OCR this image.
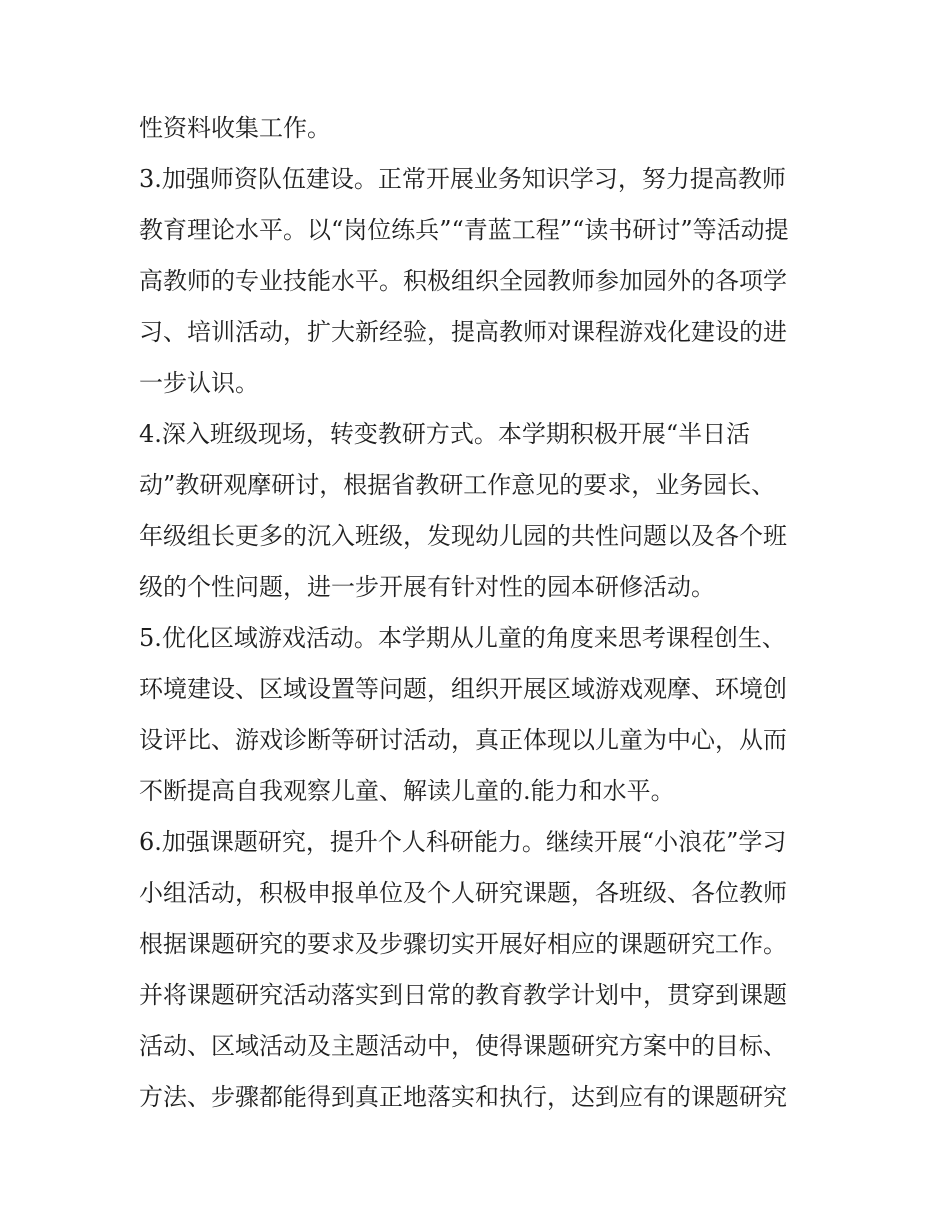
性资料收集工作。

3.加强师资队伍建设。正常开展业务知识学习，努力提高教师

教育理论水平。以“岗位练兵”“青蓝工程”“读书研讨”等活动提

高教师的专业技能水平。积极组织全园教师参加园外的各项学

习、培训活动，扩大新经验，提高教师对课程游戏化建设的进

一步认识。

4.深入班级现场，转变教研方式。本学期积极开展“半日活

动”教研观摩研讨，根据省教研工作意见的要求，业务园长、

年级组长更多的沉入班级，发现幼儿园的共性问题以及各个班

级的个性问题，进一步开展有针对性的园本研修活动。

5.优化区域游戏活动。本学期从儿童的角度来思考课程创生、

环境建设、区域设置等问题，组织开展区域游戏观摩、环境创

设评比、游戏诊断等研讨活动，真正体现以儿童为中心，从而

不断提高自我观察儿童、解读儿童的.能力和水平。

6.加强课题研究，提升个人科研能力。继续开展“小浪花”学习

小组活动，积极申报单位及个人研究课题，各班级、各位教师

根据课题研究的要求及步骤切实开展好相应的课题研究工作。

并将课题研究活动落实到日常的教育教学计划中，贯穿到课题

活动、区域活动及主题活动中，使得课题研究方案中的目标、

方法、步骤都能得到真正地落实和执行，达到应有的课题研究
